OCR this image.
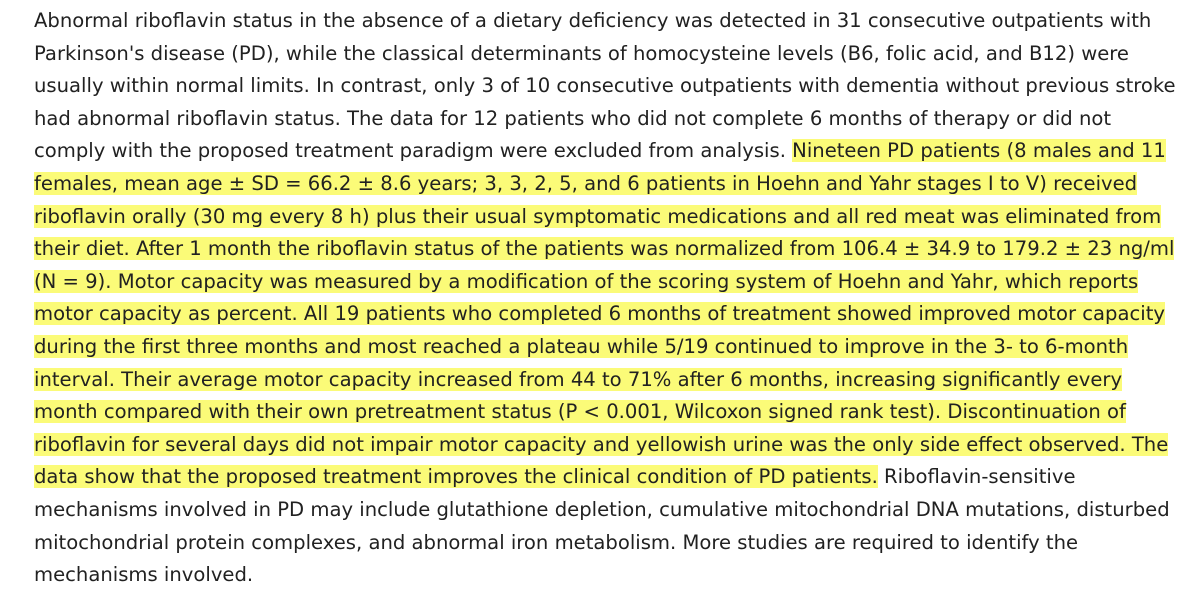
Abnormal riboflavin status in the absence of a dietary deficiency was detected in 31 consecutive outpatients with Parkinson's disease (PD), while the classical determinants of homocysteine levels (B6, folic acid, and B12) were usually within normal limits. In contrast, only 3 of 10 consecutive outpatients with dementia without previous stroke had abnormal riboflavin status. The data for 12 patients who did not complete 6 months of therapy or did not comply with the proposed treatment paradigm were excluded from analysis. Nineteen PD patients (8 males and 11 females, mean age ± SD = 66.2 ± 8.6 years; 3, 3, 2, 5, and 6 patients in Hoehn and Yahr stages I to V) received riboflavin orally (30 mg every 8 h) plus their usual symptomatic medications and all red meat was eliminated from their diet. After 1 month the riboflavin status of the patients was normalized from 106.4 ± 34.9 to 179.2 ± 23 ng/ml (N = 9). Motor capacity was measured by a modification of the scoring system of Hoehn and Yahr, which reports motor capacity as percent. All 19 patients who completed 6 months of treatment showed improved motor capacity during the first three months and most reached a plateau while 5/19 continued to improve in the 3- to 6-month interval. Their average motor capacity increased from 44 to 71% after 6 months, increasing significantly every month compared with their own pretreatment status (P < 0.001, Wilcoxon signed rank test). Discontinuation of riboflavin for several days did not impair motor capacity and yellowish urine was the only side effect observed. The data show that the proposed treatment improves the clinical condition of PD patients. Riboflavin-sensitive mechanisms involved in PD may include glutathione depletion, cumulative mitochondrial DNA mutations, disturbed mitochondrial protein complexes, and abnormal iron metabolism. More studies are required to identify the mechanisms involved.
